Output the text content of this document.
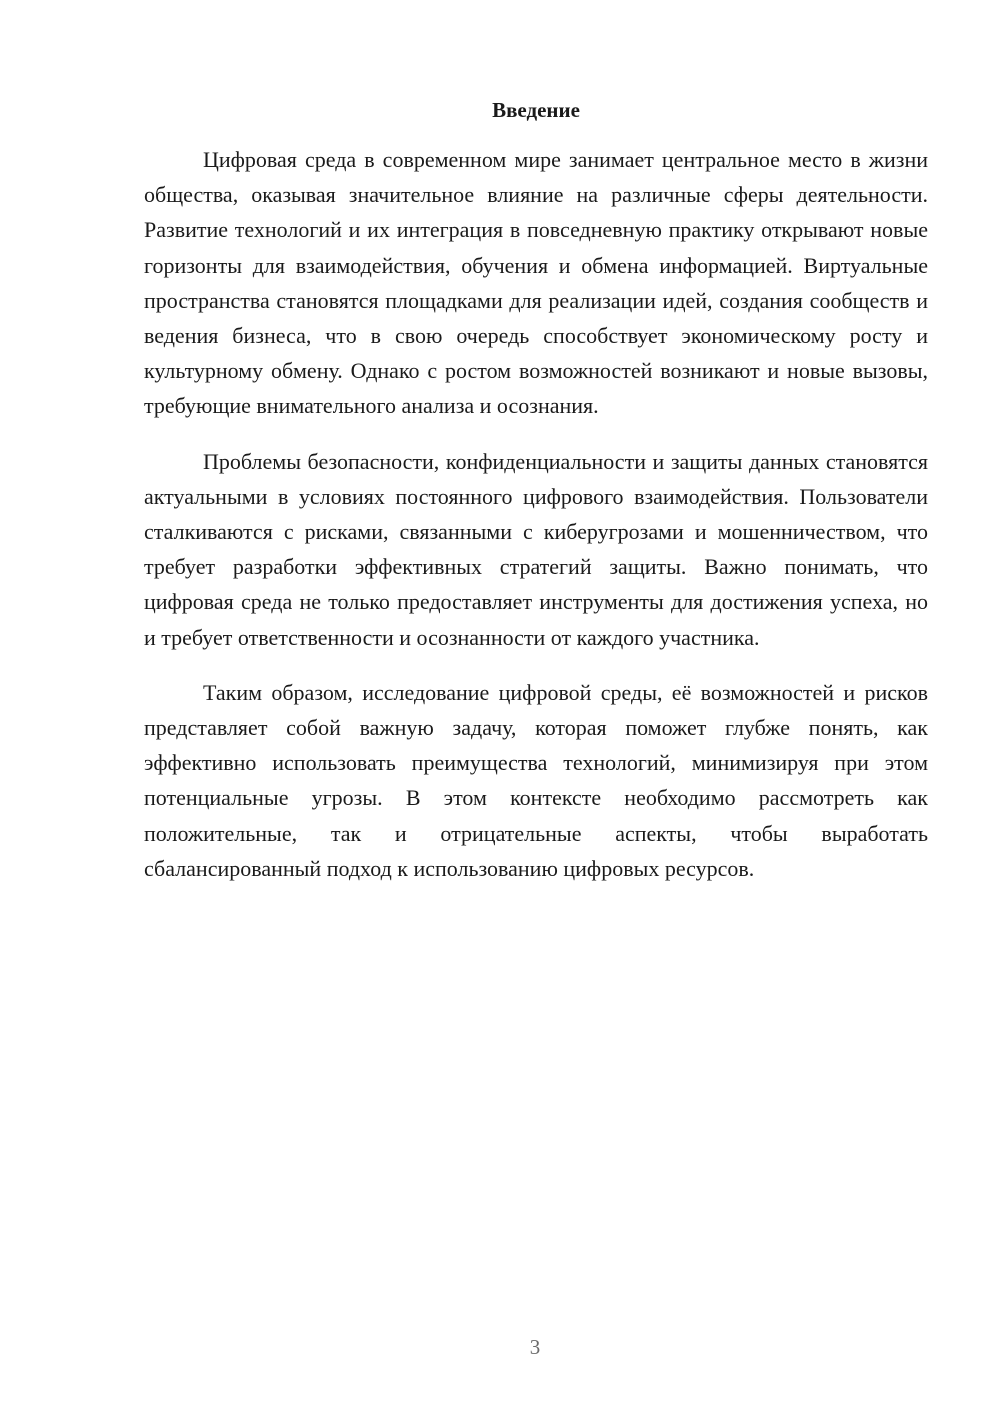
Введение

Цифровая среда в современном мире занимает центральное место в жизни общества, оказывая значительное влияние на различные сферы деятельности. Развитие технологий и их интеграция в повседневную практику открывают новые горизонты для взаимодействия, обучения и обмена информацией. Виртуальные пространства становятся площадками для реализации идей, создания сообществ и ведения бизнеса, что в свою очередь способствует экономическому росту и культурному обмену. Однако с ростом возможностей возникают и новые вызовы, требующие внимательного анализа и осознания.

Проблемы безопасности, конфиденциальности и защиты данных становятся актуальными в условиях постоянного цифрового взаимодействия. Пользователи сталкиваются с рисками, связанными с киберугрозами и мошенничеством, что требует разработки эффективных стратегий защиты. Важно понимать, что цифровая среда не только предоставляет инструменты для достижения успеха, но и требует ответственности и осознанности от каждого участника.

Таким образом, исследование цифровой среды, её возможностей и рисков представляет собой важную задачу, которая поможет глубже понять, как эффективно использовать преимущества технологий, минимизируя при этом потенциальные угрозы. В этом контексте необходимо рассмотреть как положительные, так и отрицательные аспекты, чтобы выработать сбалансированный подход к использованию цифровых ресурсов.

3
